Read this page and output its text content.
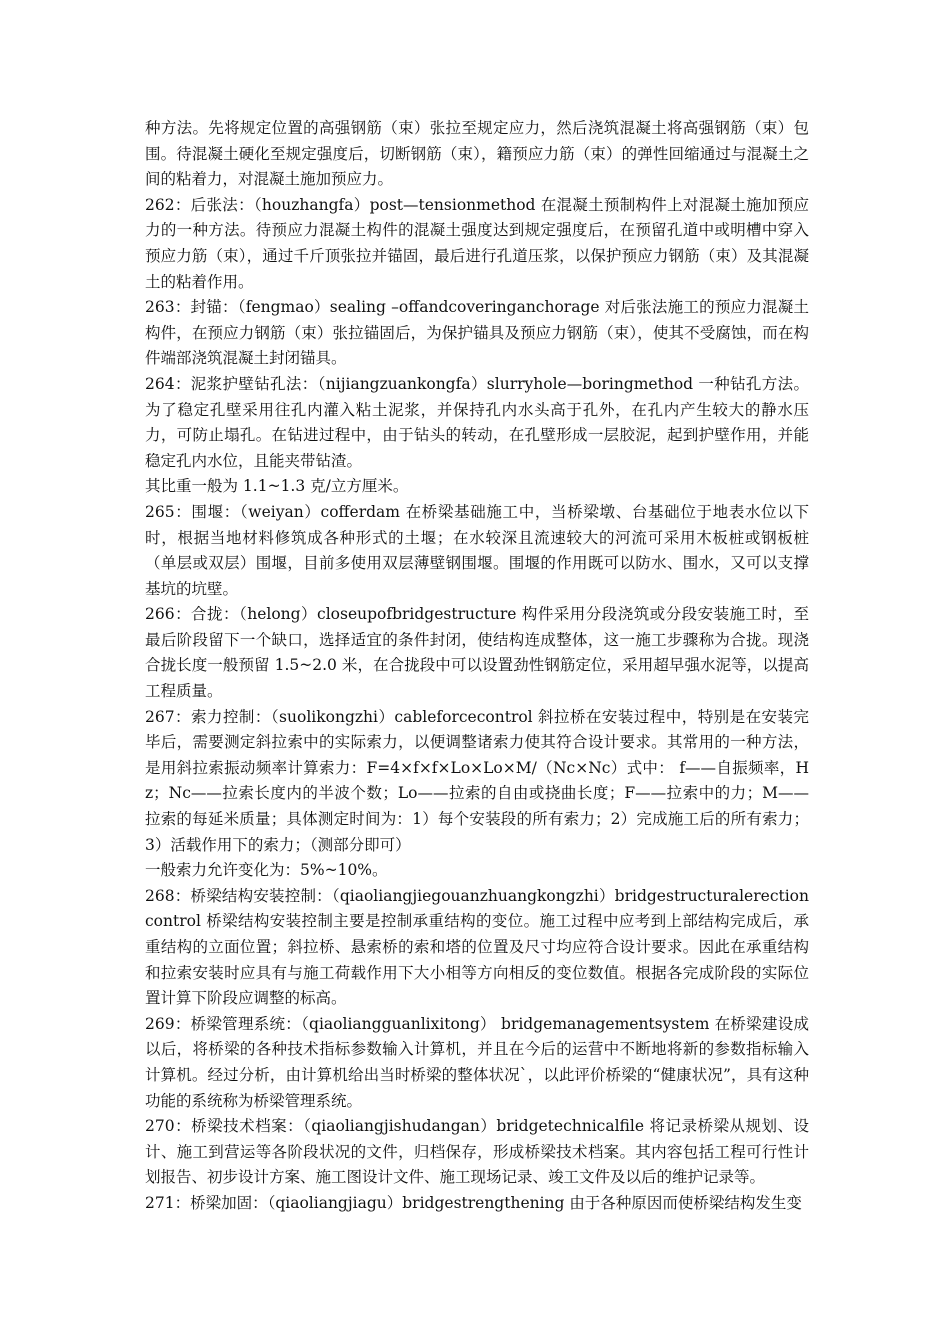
种方法。先将规定位置的高强钢筋（束）张拉至规定应力，然后浇筑混凝土将高强钢筋（束）包围。待混凝土硬化至规定强度后，切断钢筋（束），籍预应力筋（束）的弹性回缩通过与混凝土之间的粘着力，对混凝土施加预应力。

262：后张法：（houzhangfa）post—tensionmethod 在混凝土预制构件上对混凝土施加预应力的一种方法。待预应力混凝土构件的混凝土强度达到规定强度后，在预留孔道中或明槽中穿入预应力筋（束），通过千斤顶张拉并锚固，最后进行孔道压浆，以保护预应力钢筋（束）及其混凝土的粘着作用。

263：封锚：（fengmao）sealing –offandcoveringanchorage 对后张法施工的预应力混凝土构件，在预应力钢筋（束）张拉锚固后，为保护锚具及预应力钢筋（束），使其不受腐蚀，而在构件端部浇筑混凝土封闭锚具。

264：泥浆护壁钻孔法：（nijiangzuankongfa）slurryhole—boringmethod 一种钻孔方法。为了稳定孔壁采用往孔内灌入粘土泥浆，并保持孔内水头高于孔外，在孔内产生较大的静水压力，可防止塌孔。在钻进过程中，由于钻头的转动，在孔壁形成一层胶泥，起到护壁作用，并能稳定孔内水位，且能夹带钻渣。

其比重一般为 1.1~1.3 克/立方厘米。

265：围堰：（weiyan）cofferdam 在桥梁基础施工中，当桥梁墩、台基础位于地表水位以下时，根据当地材料修筑成各种形式的土堰；在水较深且流速较大的河流可采用木板桩或钢板桩（单层或双层）围堰，目前多使用双层薄壁钢围堰。围堰的作用既可以防水、围水，又可以支撑基坑的坑壁。

266：合拢：（helong）closeupofbridgestructure 构件采用分段浇筑或分段安装施工时，至最后阶段留下一个缺口，选择适宜的条件封闭，使结构连成整体，这一施工步骤称为合拢。现浇合拢长度一般预留 1.5~2.0 米，在合拢段中可以设置劲性钢筋定位，采用超早强水泥等，以提高工程质量。

267：索力控制：（suolikongzhi）cableforcecontrol 斜拉桥在安装过程中，特别是在安装完毕后，需要测定斜拉索中的实际索力，以便调整诸索力使其符合设计要求。其常用的一种方法，是用斜拉索振动频率计算索力：F=4×f×f×Lo×Lo×M/（Nc×Nc）式中： f——自振频率，Hz；Nc——拉索长度内的半波个数；Lo——拉索的自由或挠曲长度；F——拉索中的力；M——拉索的每延米质量；具体测定时间为：1）每个安装段的所有索力；2）完成施工后的所有索力；3）活载作用下的索力；（测部分即可）

一般索力允许变化为：5%~10%。

268：桥梁结构安装控制：（qiaoliangjiegouanzhuangkongzhi）bridgestructuralerectioncontrol 桥梁结构安装控制主要是控制承重结构的变位。施工过程中应考到上部结构完成后，承重结构的立面位置；斜拉桥、悬索桥的索和塔的位置及尺寸均应符合设计要求。因此在承重结构和拉索安装时应具有与施工荷载作用下大小相等方向相反的变位数值。根据各完成阶段的实际位置计算下阶段应调整的标高。

269：桥梁管理系统：（qiaoliangguanlixitong） bridgemanagementsystem 在桥梁建设成以后，将桥梁的各种技术指标参数输入计算机，并且在今后的运营中不断地将新的参数指标输入计算机。经过分析，由计算机给出当时桥梁的整体状况`，以此评价桥梁的“健康状况”，具有这种功能的系统称为桥梁管理系统。

270：桥梁技术档案：（qiaoliangjishudangan）bridgetechnicalfile 将记录桥梁从规划、设计、施工到营运等各阶段状况的文件，归档保存，形成桥梁技术档案。其内容包括工程可行性计划报告、初步设计方案、施工图设计文件、施工现场记录、竣工文件及以后的维护记录等。

271：桥梁加固：（qiaoliangjiagu）bridgestrengthening 由于各种原因而使桥梁结构发生变
